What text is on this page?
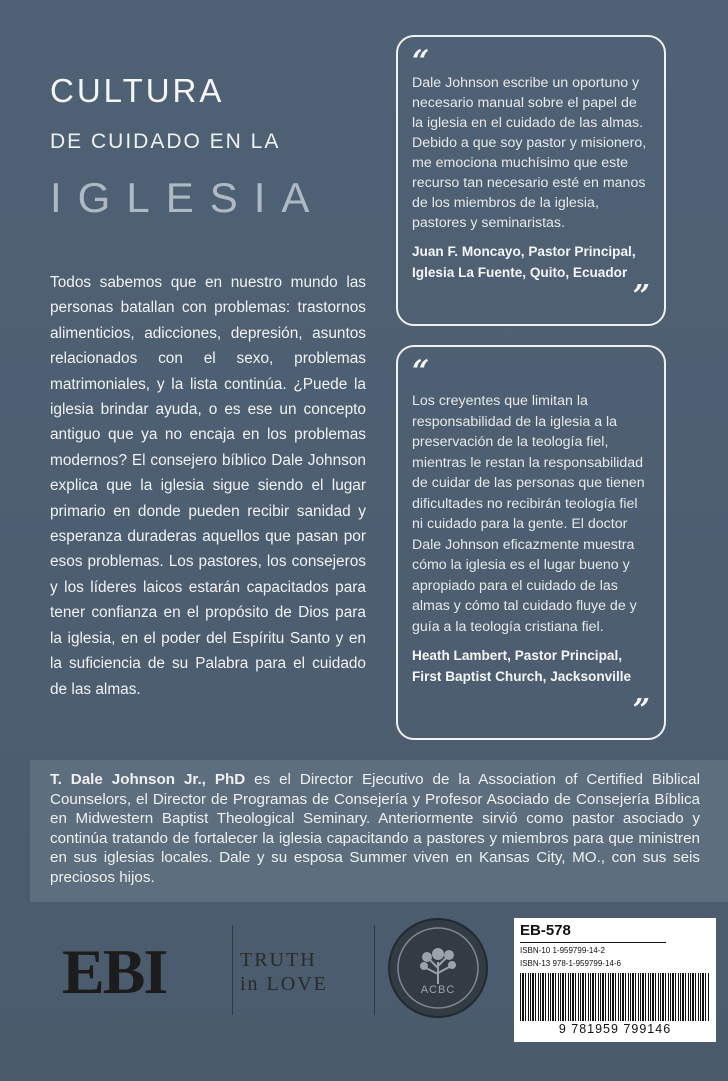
CULTURA
DE CUIDADO EN LA
IGLESIA

Todos sabemos que en nuestro mundo las personas batallan con problemas: trastornos alimenticios, adicciones, depresión, asuntos relacionados con el sexo, problemas matrimoniales, y la lista continúa. ¿Puede la iglesia brindar ayuda, o es ese un concepto antiguo que ya no encaja en los problemas modernos? El consejero bíblico Dale Johnson explica que la iglesia sigue siendo el lugar primario en donde pueden recibir sanidad y esperanza duraderas aquellos que pasan por esos problemas. Los pastores, los consejeros y los líderes laicos estarán capacitados para tener confianza en el propósito de Dios para la iglesia, en el poder del Espíritu Santo y en la suficiencia de su Palabra para el cuidado de las almas.

“

Dale Johnson escribe un oportuno y necesario manual sobre el papel de la iglesia en el cuidado de las almas. Debido a que soy pastor y misionero, me emociona muchísimo que este recurso tan necesario esté en manos de los miembros de la iglesia, pastores y seminaristas.

Juan F. Moncayo, Pastor Principal, Iglesia La Fuente, Quito, Ecuador

”
“

Los creyentes que limitan la responsabilidad de la iglesia a la preservación de la teología fiel, mientras le restan la responsabilidad de cuidar de las personas que tienen dificultades no recibirán teología fiel ni cuidado para la gente. El doctor Dale Johnson eficazmente muestra cómo la iglesia es el lugar bueno y apropiado para el cuidado de las almas y cómo tal cuidado fluye de y guía a la teología cristiana fiel.

Heath Lambert, Pastor Principal, First Baptist Church, Jacksonville

”
T. Dale Johnson Jr., PhD es el Director Ejecutivo de la Association of Certified Biblical Counselors, el Director de Programas de Consejería y Profesor Asociado de Consejería Bíblica en Midwestern Baptist Theological Seminary. Anteriormente sirvió como pastor asociado y continúa tratando de fortalecer la iglesia capacitando a pastores y miembros para que ministren en sus iglesias locales. Dale y su esposa Summer viven en Kansas City, MO., con sus seis preciosos hijos.
EBI	TRUTH
in LOVE	ACBC
EB-578
ISBN-10 1-959799-14-2
ISBN-13 978-1-959799-14-6
9 781959 799146
